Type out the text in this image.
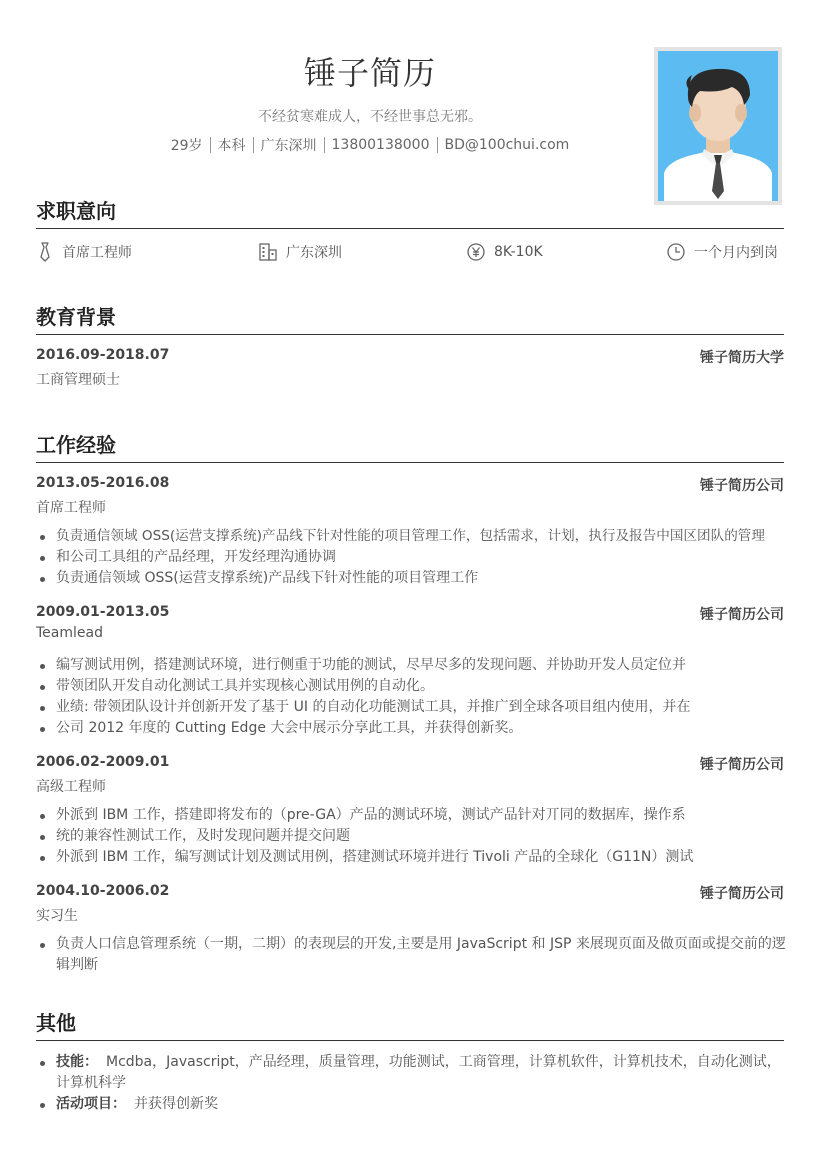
锤子简历
不经贫寒难成人，不经世事总无邪。
29岁 本科 广东深圳 13800138000 BD@100chui.com
求职意向
首席工程师	广东深圳	8K-10K	一个月内到岗
教育背景
2016.09-2018.07	锤子简历大学
工商管理硕士
工作经验
2013.05-2016.08	锤子简历公司
首席工程师
负责通信领域 OSS(运营支撑系统)产品线下针对性能的项目管理工作，包括需求，计划，执行及报告中国区团队的管理
和公司工具组的产品经理，开发经理沟通协调
负责通信领域 OSS(运营支撑系统)产品线下针对性能的项目管理工作
2009.01-2013.05	锤子简历公司
Teamlead
编写测试用例，搭建测试环境，进行侧重于功能的测试，尽早尽多的发现问题、并协助开发人员定位并
带领团队开发自动化测试工具并实现核心测试用例的自动化。
业绩: 带领团队设计并创新开发了基于 UI 的自动化功能测试工具，并推广到全球各项目组内使用，并在
公司 2012 年度的 Cutting Edge 大会中展示分享此工具，并获得创新奖。
2006.02-2009.01	锤子简历公司
高级工程师
外派到 IBM 工作，搭建即将发布的（pre-GA）产品的测试环境，测试产品针对丌同的数据库，操作系
统的兼容性测试工作，及时发现问题并提交问题
外派到 IBM 工作，编写测试计划及测试用例，搭建测试环境并进行 Tivoli 产品的全球化（G11N）测试
2004.10-2006.02	锤子简历公司
实习生
负责人口信息管理系统（一期，二期）的表现层的开发,主要是用 JavaScript 和 JSP 来展现页面及做页面或提交前的逻辑判断
其他
技能： Mcdba，Javascript，产品经理，质量管理，功能测试，工商管理，计算机软件，计算机技术，自动化测试，计算机科学
活动项目： 并获得创新奖
